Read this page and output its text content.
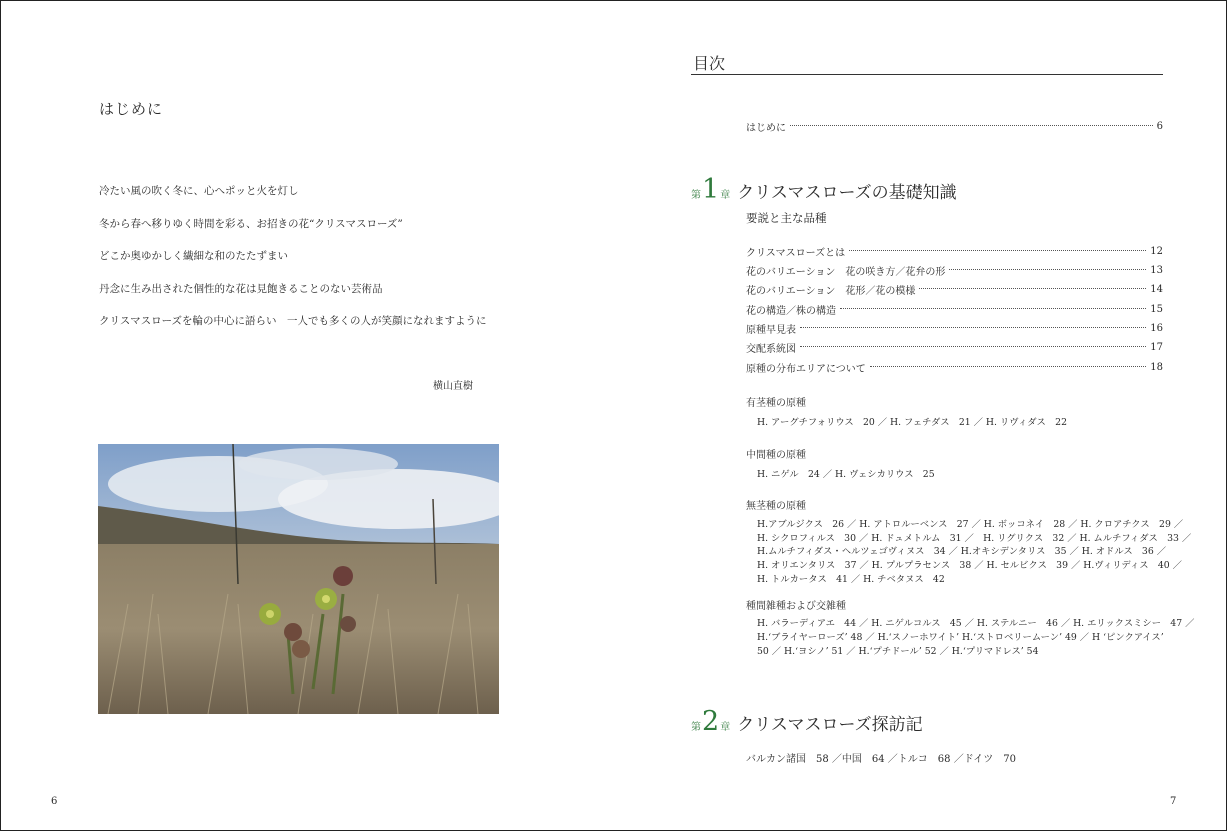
はじめに
冷たい風の吹く冬に、心へポッと火を灯し
冬から春へ移りゆく時間を彩る、お招きの花“クリスマスローズ”
どこか奥ゆかしく繊細な和のたたずまい
丹念に生み出された個性的な花は見飽きることのない芸術品
クリスマスローズを輪の中心に語らい　一人でも多くの人が笑顔になれますように
横山直樹
6
目次
はじめに	6
第 1 章 クリスマスローズの基礎知識
要説と主な品種
クリスマスローズとは	12
花のバリエーション　花の咲き方／花弁の形	13
花のバリエーション　花形／花の模様	14
花の構造／株の構造	15
原種早見表	16
交配系統図	17
原種の分布エリアについて	18
有茎種の原種
H. アーグチフォリウス　20 ／ H. フェチダス　21 ／ H. リヴィダス　22
中間種の原種
H. ニゲル　24 ／ H. ヴェシカリウス　25
無茎種の原種
H.アブルジクス　26 ／ H. アトロルーベンス　27 ／ H. ボッコネイ　28 ／ H. クロアチクス　29 ／
H. シクロフィルス　30 ／ H. ドュメトルム　31 ／　H. リグリクス　32 ／ H. ムルチフィダス　33 ／
H.ムルチフィダス・ヘルツェゴヴィヌス　34 ／ H.オキシデンタリス　35 ／ H. オドルス　36 ／
H. オリエンタリス　37 ／ H. プルプラセンス　38 ／ H. セルビクス　39 ／ H.ヴィリディス　40 ／
H. トルカータス　41 ／ H. チベタヌス　42
種間雑種および交雑種
H. バラーディアエ　44 ／ H. ニゲルコルス　45 ／ H. ステルニー　46 ／ H. エリックスミシー　47 ／
H.‘ブライヤーローズ’ 48 ／ H.‘スノーホワイト’ H.‘ストロベリームーン’ 49 ／ H ‘ピンクアイス’
50 ／ H.‘ヨシノ’ 51 ／ H.‘プチドール’ 52 ／ H.‘プリマドレス’ 54
第 2 章 クリスマスローズ探訪記
バルカン諸国　58 ／中国　64 ／トルコ　68 ／ドイツ　70
7
